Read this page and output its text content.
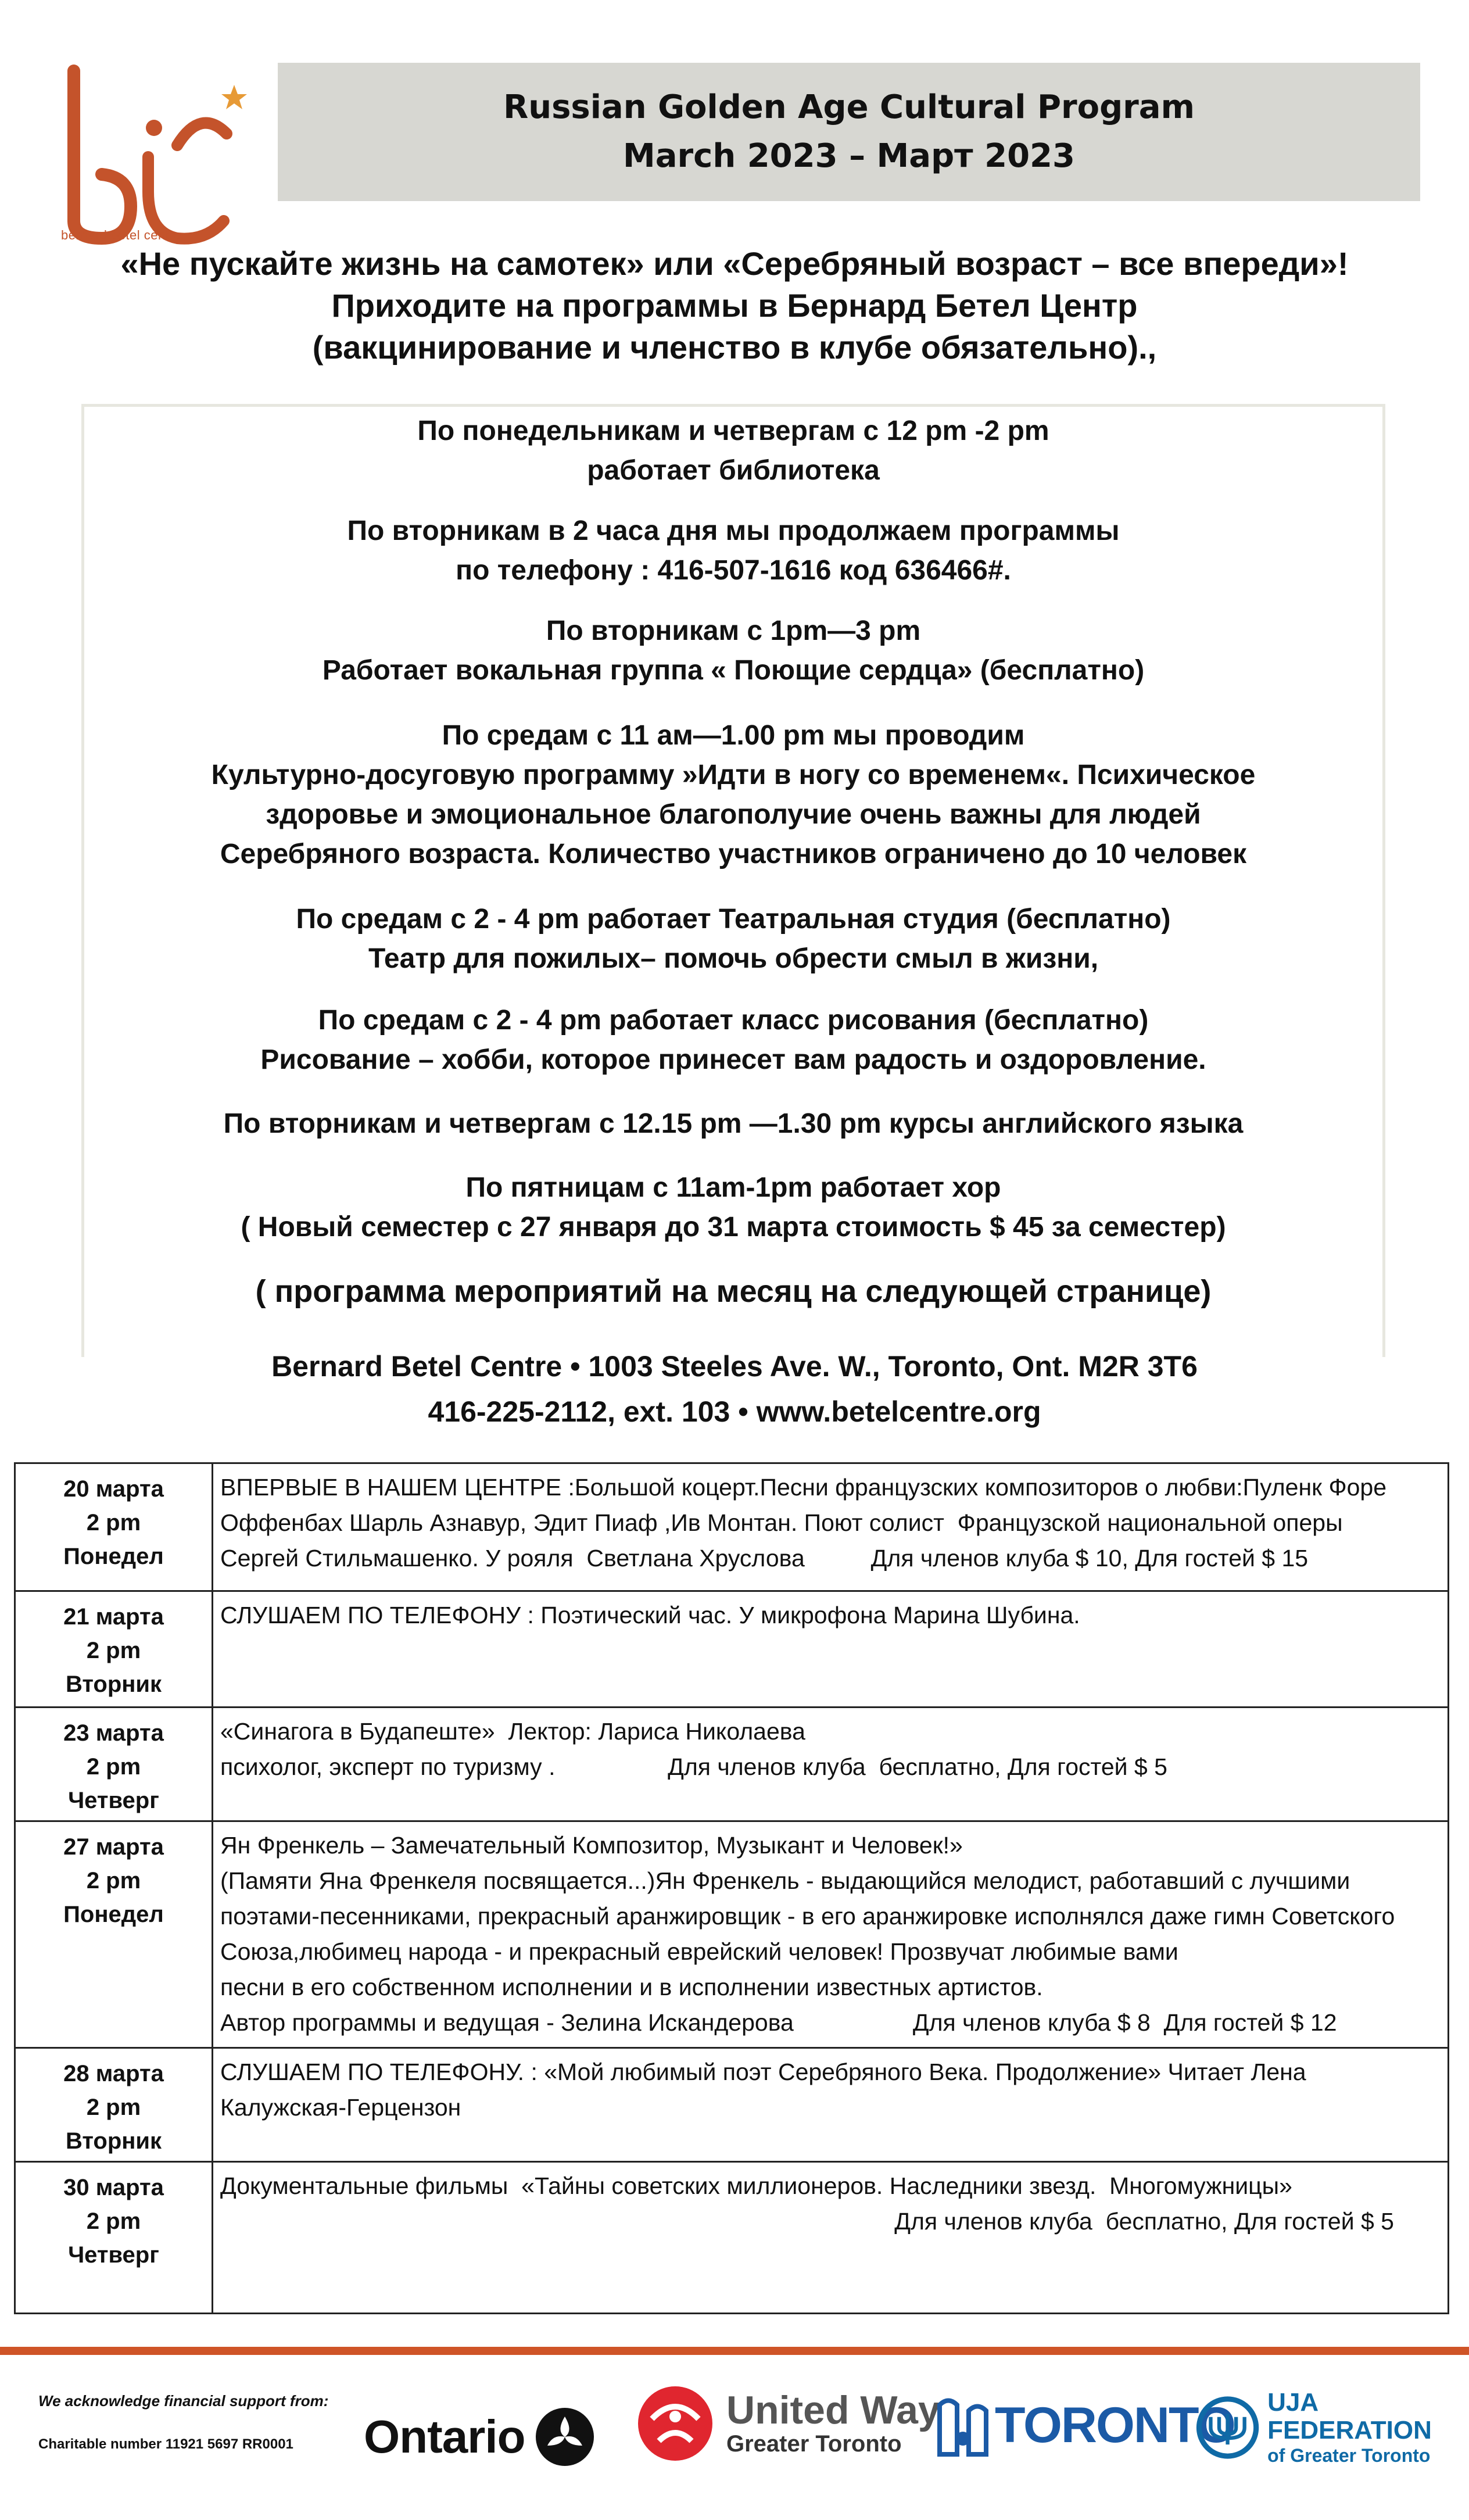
bernard betel centre
Russian Golden Age Cultural Program
March 2023 – Март 2023
«Не пускайте жизнь на самотек» или «Серебряный возраст – все впереди»!
Приходите на программы в Бернард Бетел Центр
(вакцинирование и членство в клубе обязательно).,
По понедельникам и четвергам с 12 pm -2 pm
работает библиотека
По вторникам в 2 часа дня мы продолжаем программы
по телефону : 416-507-1616 код 636466#.
По вторникам с 1pm—3 pm
Работает вокальная группа « Поющие сердца» (бесплатно)
По средам с 11 ам—1.00 pm мы проводим
Культурно-досуговую программу »Идти в ногу со временем«. Психическое
здоровье и эмоциональное благополучие очень важны для людей
Серебряного возраста. Количество участников ограничено до 10 человек
По средам с 2 - 4 pm работает Театральная студия (бесплатно)
Театр для пожилых– помочь обрести смыл в жизни,
По средам с 2 - 4 pm работает класс рисования (бесплатно)
Рисование – хобби, которое принесет вам радость и оздоровление.
По вторникам и четвергам с 12.15 pm —1.30 pm курсы английского языка
По пятницам с 11am-1pm работает хор
( Новый семестер с 27 января до 31 марта стоимость $ 45 за семестер)
( программа мероприятий на месяц на следующей странице)
Bernard Betel Centre • 1003 Steeles Ave. W., Toronto, Ont. M2R 3T6
416-225-2112, ext. 103 • www.betelcentre.org
20 марта
2 pm
Понедел
ВПЕРВЫЕ В НАШЕМ ЦЕНТРЕ :Большой коцерт.Песни французских композиторов о любви:Пуленк Форе
Оффенбах Шарль Азнавур, Эдит Пиаф ,Ив Монтан. Поют солист  Французской национальной оперы
Сергей Стильмашенко. У рояля  Светлана Хруслова          Для членов клуба $ 10, Для гостей $ 15
21 марта
2 pm
Вторник
СЛУШАЕМ ПО ТЕЛЕФОНУ : Поэтический час. У микрофона Марина Шубина.
23 марта
2 pm
Четверг
«Синагога в Будапеште»  Лектор: Лариса Николаева
психолог, эксперт по туризму .                 Для членов клуба  бесплатно, Для гостей $ 5
27 марта
2 pm
Понедел
Ян Френкель – Замечательный Композитор, Музыкант и Человек!»
(Памяти Яна Френкеля посвящается...)Ян Френкель - выдающийся мелодист, работавший с лучшими
поэтами-песенниками, прекрасный аранжировщик - в его аранжировке исполнялся даже гимн Советского
Союза,любимец народа - и прекрасный еврейский человек! Прозвучат любимые вами
песни в его собственном исполнении и в исполнении известных артистов.
Автор программы и ведущая - Зелина Искандерова                  Для членов клуба $ 8  Для гостей $ 12
28 марта
2 pm
Вторник
СЛУШАЕМ ПО ТЕЛЕФОНУ. : «Мой любимый поэт Серебряного Века. Продолжение» Читает Лена
Калужская-Герцензон
30 марта
2 pm
Четверг
Документальные фильмы  «Тайны советских миллионеров. Наследники звезд.  Многомужницы»
Для членов клуба  бесплатно, Для гостей $ 5
We acknowledge financial support from:
Charitable number 11921 5697 RR0001 Ontario
United Way
Greater Toronto	TORONTO UJA FEDERATION
of Greater Toronto
